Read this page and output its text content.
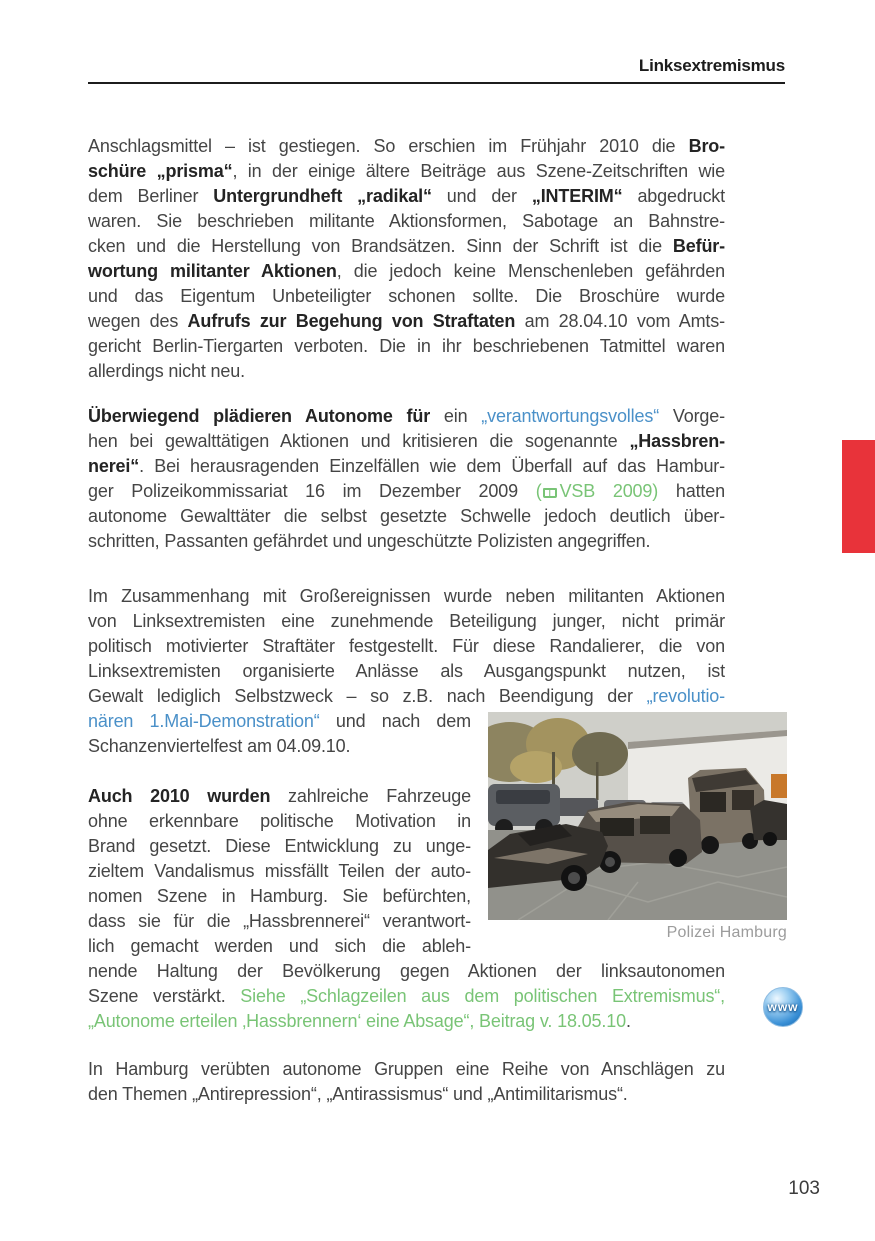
Linksextremismus
Anschlagsmittel – ist gestiegen. So erschien im Frühjahr 2010 die Bro-
schüre „prisma“, in der einige ältere Beiträge aus Szene-Zeitschriften wie
dem Berliner Untergrundheft „radikal“ und der „INTERIM“ abgedruckt
waren. Sie beschrieben militante Aktionsformen, Sabotage an Bahnstre-
cken und die Herstellung von Brandsätzen. Sinn der Schrift ist die Befür-
wortung militanter Aktionen, die jedoch keine Menschenleben gefährden
und das Eigentum Unbeteiligter schonen sollte. Die Broschüre wurde
wegen des Aufrufs zur Begehung von Straftaten am 28.04.10 vom Amts-
gericht Berlin-Tiergarten verboten. Die in ihr beschriebenen Tatmittel waren
allerdings nicht neu.
Überwiegend plädieren Autonome für ein „verantwortungsvolles“ Vorge-
hen bei gewalttätigen Aktionen und kritisieren die sogenannte „Hassbren-
nerei“. Bei herausragenden Einzelfällen wie dem Überfall auf das Hambur-
ger Polizeikommissariat 16 im Dezember 2009 ( VSB 2009) hatten
autonome Gewalttäter die selbst gesetzte Schwelle jedoch deutlich über-
schritten, Passanten gefährdet und ungeschützte Polizisten angegriffen.
Im Zusammenhang mit Großereignissen wurde neben militanten Aktionen
von Linksextremisten eine zunehmende Beteiligung junger, nicht primär
politisch motivierter Straftäter festgestellt. Für diese Randalierer, die von
Linksextremisten organisierte Anlässe als Ausgangspunkt nutzen, ist
Gewalt lediglich Selbstzweck – so z.B. nach Beendigung der „revolutio-
nären 1.Mai-Demonstration“ und nach dem
Schanzenviertelfest am 04.09.10.
Auch 2010 wurden zahlreiche Fahrzeuge
ohne erkennbare politische Motivation in
Brand gesetzt. Diese Entwicklung zu unge-
zieltem Vandalismus missfällt Teilen der auto-
nomen Szene in Hamburg. Sie befürchten,
dass sie für die „Hassbrennerei“ verantwort-
lich gemacht werden und sich die ableh-
nende Haltung der Bevölkerung gegen Aktionen der linksautonomen
Szene verstärkt. Siehe „Schlagzeilen aus dem politischen Extremismus“,
„Autonome erteilen ‚Hassbrennern‘ eine Absage“, Beitrag v. 18.05.10.
In Hamburg verübten autonome Gruppen eine Reihe von Anschlägen zu
den Themen „Antirepression“, „Antirassismus“ und „Antimilitarismus“.
Polizei Hamburg
www
103
